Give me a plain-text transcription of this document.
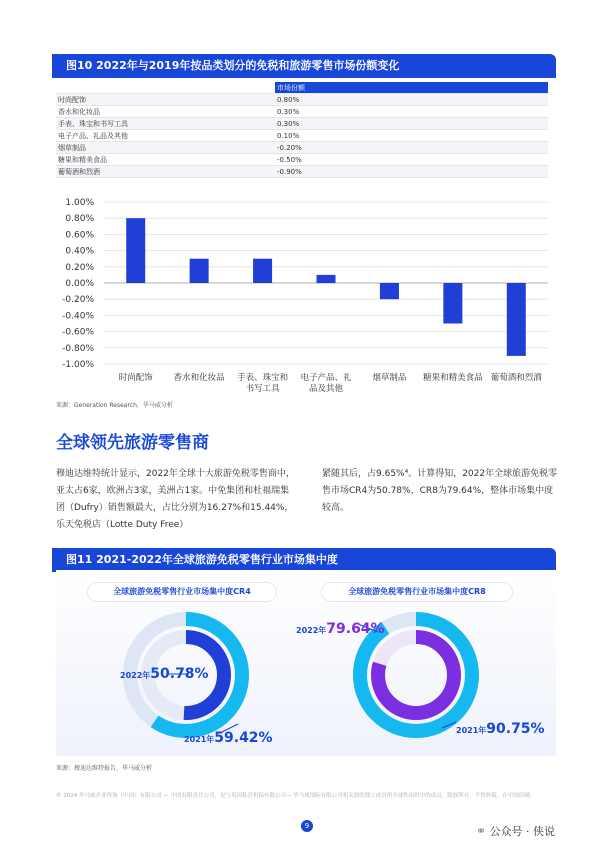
图10 2022年与2019年按品类划分的免税和旅游零售市场份额变化
	市场份额
时尚配饰	0.80%
香水和化妆品	0.30%
手表、珠宝和书写工具	0.30%
电子产品、礼品及其他	0.10%
烟草制品	-0.20%
糖果和精美食品	-0.50%
葡萄酒和烈酒	-0.90%
1.00%
0.80%
0.60%
0.40%
0.20%
0.00%
-0.20%
-0.40%
-0.60%
-0.80%
-1.00%
时尚配饰 香水和化妆品 手表、珠宝和
书写工具
电子产品、礼
品及其他
烟草制品 糖果和精美食品 葡萄酒和烈酒
来源：Generation Research，毕马威分析
全球领先旅游零售商
穆迪达维特统计显示，2022年全球十大旅游免税零售商中，亚太占6家，欧洲占3家，美洲占1家。中免集团和杜福瑞集团（Dufry）销售额最大，占比分别为16.27%和15.44%，乐天免税店（Lotte Duty Free）
紧随其后，占9.65%⁴。计算得知，2022年全球旅游免税零售市场CR4为50.78%，CR8为79.64%，整体市场集中度较高。
图11 2021-2022年全球旅游免税零售行业市场集中度
全球旅游免税零售行业市场集中度CR4	全球旅游免税零售行业市场集中度CR8
2022年50.78%
2021年59.42%
2022年79.64%
2021年90.75%
来源：穆迪达维特报告，毕马威分析
© 2024 毕马威企业咨询（中国）有限公司 — 中国有限责任公司，是与英国私营担保有限公司— 毕马威国际有限公司相关联的独立成员所全球性组织中的成员。版权所有，不得转载。在中国印刷。
9	⚭ 公众号 · 侠说
